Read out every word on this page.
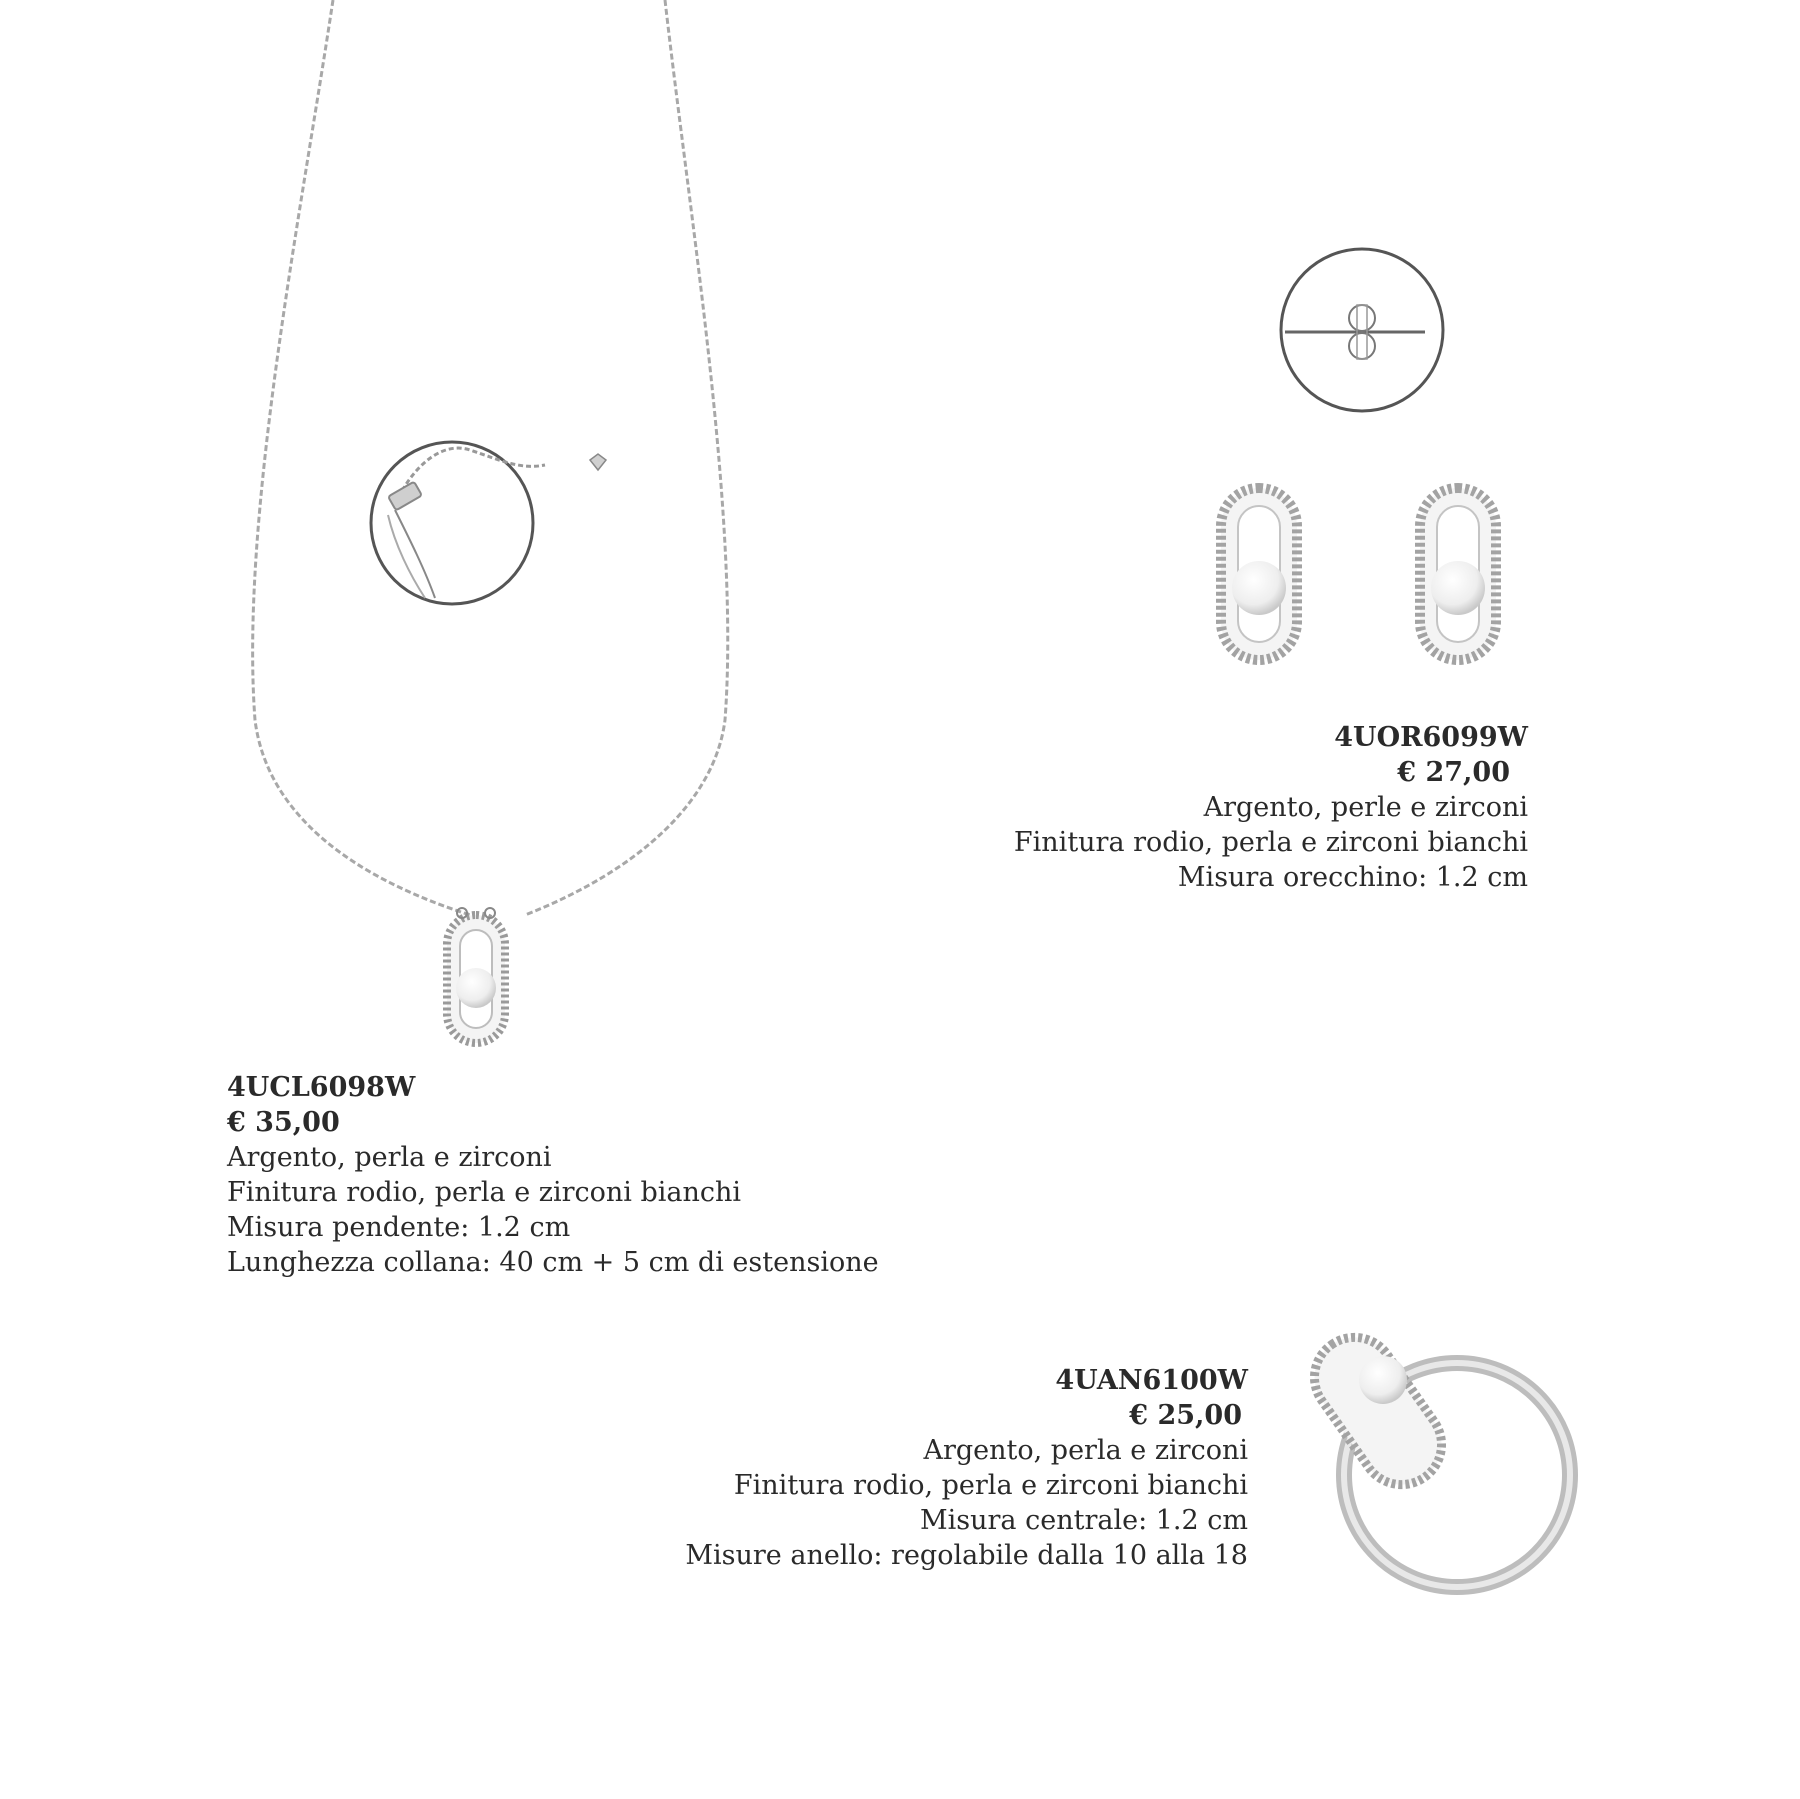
4UCL6098W
€ 35,00
Argento, perla e zirconi
Finitura rodio, perla e zirconi bianchi
Misura pendente: 1.2 cm
Lunghezza collana: 40 cm + 5 cm di estensione
4UOR6099W
€ 27,00
Argento, perle e zirconi
Finitura rodio, perla e zirconi bianchi
Misura orecchino: 1.2 cm
4UAN6100W
€ 25,00
Argento, perla e zirconi
Finitura rodio, perla e zirconi bianchi
Misura centrale: 1.2 cm
Misure anello: regolabile dalla 10 alla 18
